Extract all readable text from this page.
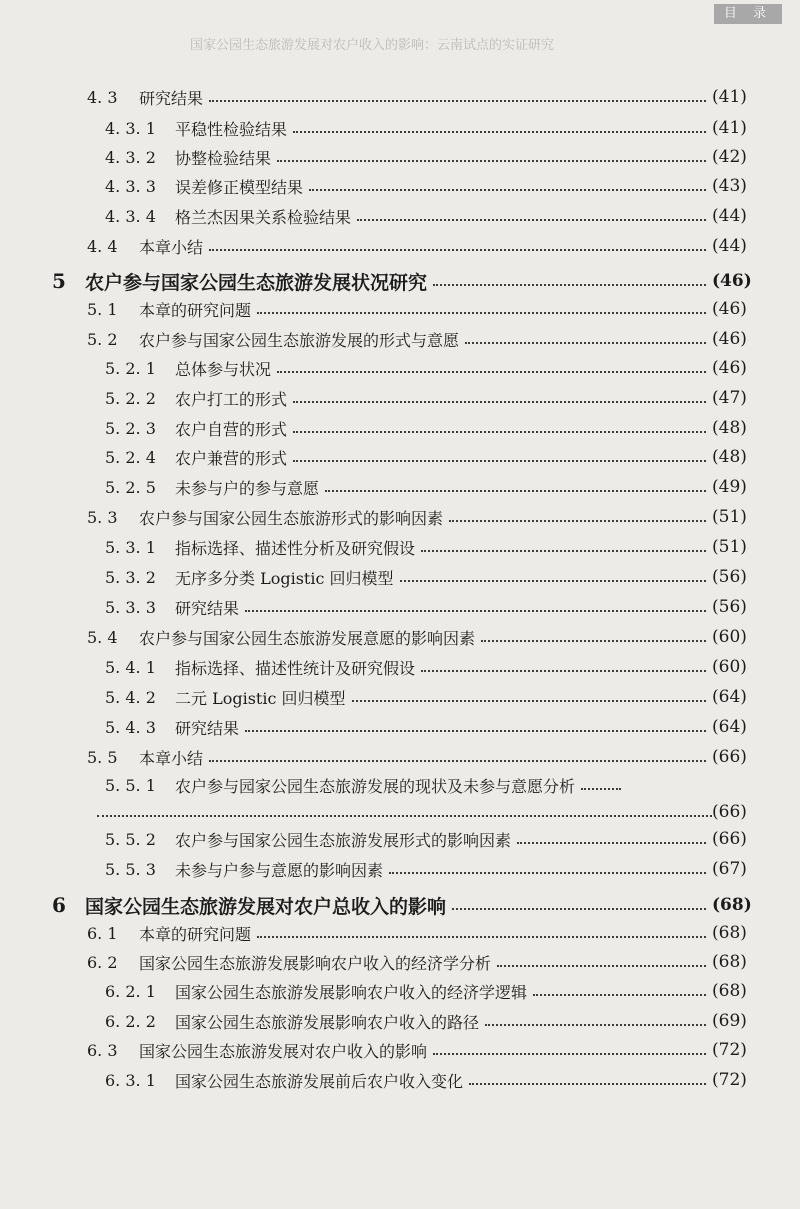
目 录
国家公园生态旅游发展对农户收入的影响：云南试点的实证研究
4. 3	研究结果	(41)
4. 3. 1	平稳性检验结果	(41)
4. 3. 2	协整检验结果	(42)
4. 3. 3	误差修正模型结果	(43)
4. 3. 4	格兰杰因果关系检验结果	(44)
4. 4	本章小结	(44)
5	农户参与国家公园生态旅游发展状况研究	(46)
5. 1	本章的研究问题	(46)
5. 2	农户参与国家公园生态旅游发展的形式与意愿	(46)
5. 2. 1	总体参与状况	(46)
5. 2. 2	农户打工的形式	(47)
5. 2. 3	农户自营的形式	(48)
5. 2. 4	农户兼营的形式	(48)
5. 2. 5	未参与户的参与意愿	(49)
5. 3	农户参与国家公园生态旅游形式的影响因素	(51)
5. 3. 1	指标选择、描述性分析及研究假设	(51)
5. 3. 2	无序多分类 Logistic 回归模型	(56)
5. 3. 3	研究结果	(56)
5. 4	农户参与国家公园生态旅游发展意愿的影响因素	(60)
5. 4. 1	指标选择、描述性统计及研究假设	(60)
5. 4. 2	二元 Logistic 回归模型	(64)
5. 4. 3	研究结果	(64)
5. 5	本章小结	(66)
5. 5. 1	农户参与园家公园生态旅游发展的现状及未参与意愿分析
(66)
5. 5. 2	农户参与国家公园生态旅游发展形式的影响因素	(66)
5. 5. 3	未参与户参与意愿的影响因素	(67)
6	国家公园生态旅游发展对农户总收入的影响	(68)
6. 1	本章的研究问题	(68)
6. 2	国家公园生态旅游发展影响农户收入的经济学分析	(68)
6. 2. 1	国家公园生态旅游发展影响农户收入的经济学逻辑	(68)
6. 2. 2	国家公园生态旅游发展影响农户收入的路径	(69)
6. 3	国家公园生态旅游发展对农户收入的影响	(72)
6. 3. 1	国家公园生态旅游发展前后农户收入变化	(72)
